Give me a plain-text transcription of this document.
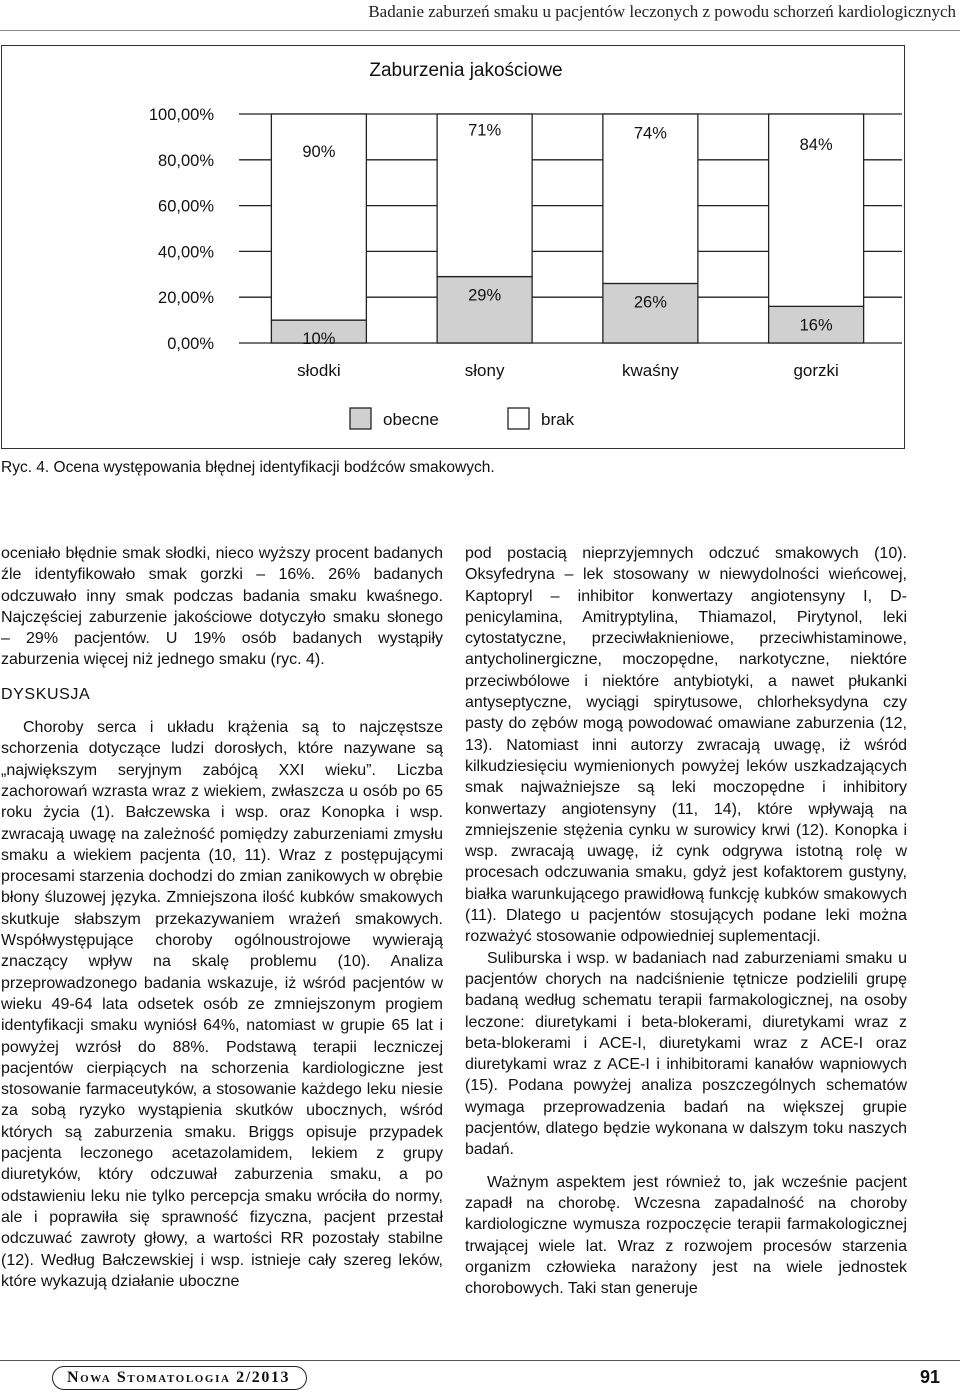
Badanie zaburzeń smaku u pacjentów leczonych z powodu schorzeń kardiologicznych
Zaburzenia jakościowe
0,00%
20,00%
40,00%
60,00%
80,00%
100,00%
10%
90%
29%
71%
26%
74%
16%
84%
słodki	słony	kwaśny	gorzki
obecne	brak
Ryc. 4. Ocena występowania błędnej identyfikacji bodźców smakowych.

oceniało błędnie smak słodki, nieco wyższy procent badanych źle identyfikowało smak gorzki – 16%. 26% badanych odczuwało inny smak podczas badania smaku kwaśnego. Najczęściej zaburzenie jakościowe dotyczyło smaku słonego – 29% pacjentów. U 19% osób badanych wystąpiły zaburzenia więcej niż jednego smaku (ryc. 4).

DYSKUSJA

Choroby serca i układu krążenia są to najczęstsze schorzenia dotyczące ludzi dorosłych, które nazywane są „największym seryjnym zabójcą XXI wieku”. Liczba zachorowań wzrasta wraz z wiekiem, zwłaszcza u osób po 65 roku życia (1). Bałczewska i wsp. oraz Konopka i wsp. zwracają uwagę na zależność pomiędzy zaburzeniami zmysłu smaku a wiekiem pacjenta (10, 11). Wraz z postępującymi procesami starzenia dochodzi do zmian zanikowych w obrębie błony śluzowej języka. Zmniejszona ilość kubków smakowych skutkuje słabszym przekazywaniem wrażeń smakowych. Współwystępujące choroby ogólnoustrojowe wywierają znaczący wpływ na skalę problemu (10). Analiza przeprowadzonego badania wskazuje, iż wśród pacjentów w wieku 49-64 lata odsetek osób ze zmniejszonym progiem identyfikacji smaku wyniósł 64%, natomiast w grupie 65 lat i powyżej wzrósł do 88%. Podstawą terapii leczniczej pacjentów cierpiących na schorzenia kardiologiczne jest stosowanie farmaceutyków, a stosowanie każdego leku niesie za sobą ryzyko wystąpienia skutków ubocznych, wśród których są zaburzenia smaku. Briggs opisuje przypadek pacjenta leczonego acetazolamidem, lekiem z grupy diuretyków, który odczuwał zaburzenia smaku, a po odstawieniu leku nie tylko percepcja smaku wróciła do normy, ale i poprawiła się sprawność fizyczna, pacjent przestał odczuwać zawroty głowy, a wartości RR pozostały stabilne (12). Według Bałczewskiej i wsp. istnieje cały szereg leków, które wykazują działanie uboczne

pod postacią nieprzyjemnych odczuć smakowych (10). Oksyfedryna – lek stosowany w niewydolności wieńcowej, Kaptopryl – inhibitor konwertazy angiotensyny I, D-penicylamina, Amitryptylina, Thiamazol, Pirytynol, leki cytostatyczne, przeciwłaknieniowe, przeciwhistaminowe, antycholinergiczne, moczopędne, narkotyczne, niektóre przeciwbólowe i niektóre antybiotyki, a nawet płukanki antyseptyczne, wyciągi spirytusowe, chlorheksydyna czy pasty do zębów mogą powodować omawiane zaburzenia (12, 13). Natomiast inni autorzy zwracają uwagę, iż wśród kilkudziesięciu wymienionych powyżej leków uszkadzających smak najważniejsze są leki moczopędne i inhibitory konwertazy angiotensyny (11, 14), które wpływają na zmniejszenie stężenia cynku w surowicy krwi (12). Konopka i wsp. zwracają uwagę, iż cynk odgrywa istotną rolę w procesach odczuwania smaku, gdyż jest kofaktorem gustyny, białka warunkującego prawidłową funkcję kubków smakowych (11). Dlatego u pacjentów stosujących podane leki można rozważyć stosowanie odpowiedniej suplementacji.

Suliburska i wsp. w badaniach nad zaburzeniami smaku u pacjentów chorych na nadciśnienie tętnicze podzielili grupę badaną według schematu terapii farmakologicznej, na osoby leczone: diuretykami i beta-blokerami, diuretykami wraz z beta-blokerami i ACE-I, diuretykami wraz z ACE-I oraz diuretykami wraz z ACE-I i inhibitorami kanałów wapniowych (15). Podana powyżej analiza poszczególnych schematów wymaga przeprowadzenia badań na większej grupie pacjentów, dlatego będzie wykonana w dalszym toku naszych badań.

Ważnym aspektem jest również to, jak wcześnie pacjent zapadł na chorobę. Wczesna zapadalność na choroby kardiologiczne wymusza rozpoczęcie terapii farmakologicznej trwającej wiele lat. Wraz z rozwojem procesów starzenia organizm człowieka narażony jest na wiele jednostek chorobowych. Taki stan generuje

Nowa Stomatologia 2/2013	91
